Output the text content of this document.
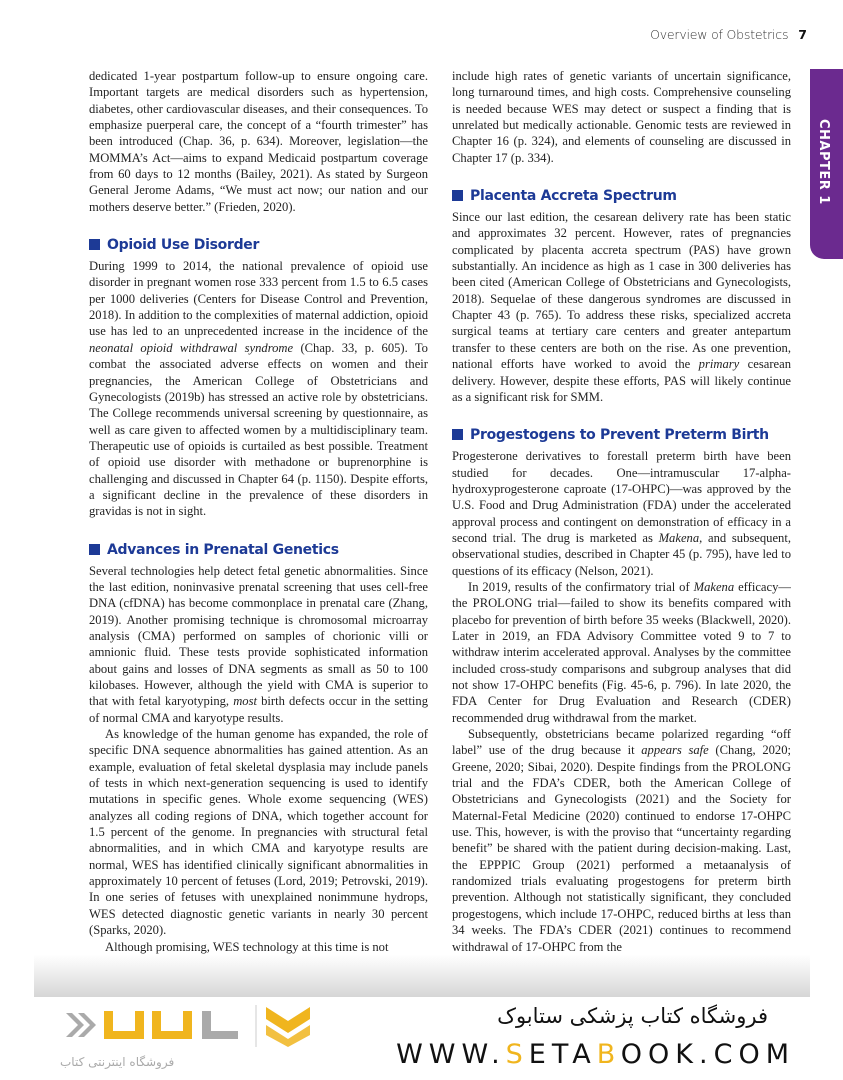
Overview of Obstetrics 7
CHAPTER 1

dedicated 1-year postpartum follow-up to ensure ongoing care. Important targets are medical disorders such as hypertension, diabetes, other cardiovascular diseases, and their consequences. To emphasize puerperal care, the concept of a “fourth trimester” has been introduced (Chap. 36, p. 634). Moreover, legislation—the MOMMA’s Act—aims to expand Medicaid postpartum coverage from 60 days to 12 months (Bailey, 2021). As stated by Surgeon General Jerome Adams, “We must act now; our nation and our mothers deserve better.” (Frieden, 2020).

Opioid Use Disorder

During 1999 to 2014, the national prevalence of opioid use disorder in pregnant women rose 333 percent from 1.5 to 6.5 cases per 1000 deliveries (Centers for Disease Control and Prevention, 2018). In addition to the complexities of maternal addiction, opioid use has led to an unprecedented increase in the incidence of the neonatal opioid withdrawal syndrome (Chap. 33, p. 605). To combat the associated adverse effects on women and their pregnancies, the American College of Obstetricians and Gynecologists (2019b) has stressed an active role by obstetricians. The College recommends universal screening by questionnaire, as well as care given to affected women by a multidisciplinary team. Therapeutic use of opioids is curtailed as best possible. Treatment of opioid use disorder with methadone or buprenorphine is challenging and discussed in Chapter 64 (p. 1150). Despite efforts, a significant decline in the prevalence of these disorders in gravidas is not in sight.

Advances in Prenatal Genetics

Several technologies help detect fetal genetic abnormalities. Since the last edition, noninvasive prenatal screening that uses cell-free DNA (cfDNA) has become commonplace in prenatal care (Zhang, 2019). Another promising technique is chromosomal microarray analysis (CMA) performed on samples of chorionic villi or amnionic fluid. These tests provide sophisticated information about gains and losses of DNA segments as small as 50 to 100 kilobases. However, although the yield with CMA is superior to that with fetal karyotyping, most birth defects occur in the setting of normal CMA and karyotype results.

As knowledge of the human genome has expanded, the role of specific DNA sequence abnormalities has gained attention. As an example, evaluation of fetal skeletal dysplasia may include panels of tests in which next-generation sequencing is used to identify mutations in specific genes. Whole exome sequencing (WES) analyzes all coding regions of DNA, which together account for 1.5 percent of the genome. In pregnancies with structural fetal abnormalities, and in which CMA and karyotype results are normal, WES has identified clinically significant abnormalities in approximately 10 percent of fetuses (Lord, 2019; Petrovski, 2019). In one series of fetuses with unexplained nonimmune hydrops, WES detected diagnostic genetic variants in nearly 30 percent (Sparks, 2020).

Although promising, WES technology at this time is not

include high rates of genetic variants of uncertain significance, long turnaround times, and high costs. Comprehensive counseling is needed because WES may detect or suspect a finding that is unrelated but medically actionable. Genomic tests are reviewed in Chapter 16 (p. 324), and elements of counseling are discussed in Chapter 17 (p. 334).

Placenta Accreta Spectrum

Since our last edition, the cesarean delivery rate has been static and approximates 32 percent. However, rates of pregnancies complicated by placenta accreta spectrum (PAS) have grown substantially. An incidence as high as 1 case in 300 deliveries has been cited (American College of Obstetricians and Gynecologists, 2018). Sequelae of these dangerous syndromes are discussed in Chapter 43 (p. 765). To address these risks, specialized accreta surgical teams at tertiary care centers and greater antepartum transfer to these centers are both on the rise. As one prevention, national efforts have worked to avoid the primary cesarean delivery. However, despite these efforts, PAS will likely continue as a significant risk for SMM.

Progestogens to Prevent Preterm Birth

Progesterone derivatives to forestall preterm birth have been studied for decades. One—intramuscular 17-alpha-hydroxyprogesterone caproate (17-OHPC)—was approved by the U.S. Food and Drug Administration (FDA) under the accelerated approval process and contingent on demonstration of efficacy in a second trial. The drug is marketed as Makena, and subsequent, observational studies, described in Chapter 45 (p. 795), have led to questions of its efficacy (Nelson, 2021).

In 2019, results of the confirmatory trial of Makena efficacy—the PROLONG trial—failed to show its benefits compared with placebo for prevention of birth before 35 weeks (Blackwell, 2020). Later in 2019, an FDA Advisory Committee voted 9 to 7 to withdraw interim accelerated approval. Analyses by the committee included cross-study comparisons and subgroup analyses that did not show 17-OHPC benefits (Fig. 45-6, p. 796). In late 2020, the FDA Center for Drug Evaluation and Research (CDER) recommended drug withdrawal from the market.

Subsequently, obstetricians became polarized regarding “off label” use of the drug because it appears safe (Chang, 2020; Greene, 2020; Sibai, 2020). Despite findings from the PROLONG trial and the FDA’s CDER, both the American College of Obstetricians and Gynecologists (2021) and the Society for Maternal-Fetal Medicine (2020) continued to endorse 17-OHPC use. This, however, is with the proviso that “uncertainty regarding benefit” be shared with the patient during decision-making. Last, the EPPPIC Group (2021) performed a metaanalysis of randomized trials evaluating progestogens for preterm birth prevention. Although not statistically significant, they concluded progestogens, which include 17-OHPC, reduced births at less than 34 weeks. The FDA’s CDER (2021) continues to recommend withdrawal of 17-OHPC from the

فروشگاه اینترنتی کتاب
فروشگاه کتاب پزشکی ستابوک
WWW.SETABOOK.COM
